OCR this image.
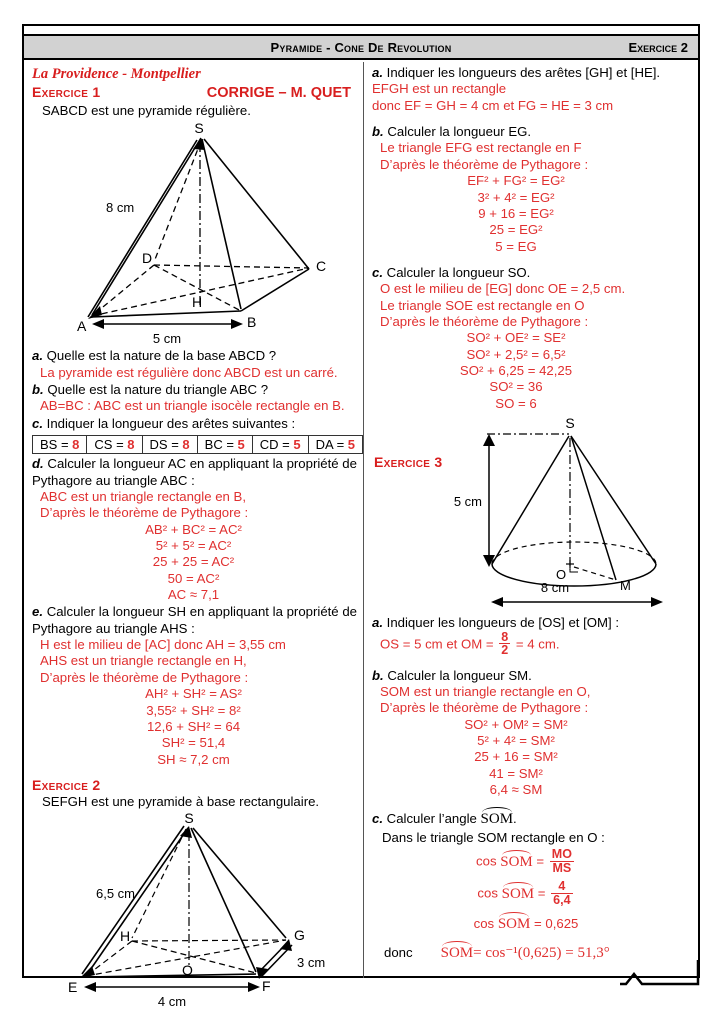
Pyramide - Cone De Revolution	Exercice 2
La Providence - Montpellier
Exercice 1	CORRIGE – M. QUET
SABCD est une pyramide régulière.
S
D	C
A	B
H
8 cm
5 cm
a. Quelle est la nature de la base ABCD ?
La pyramide est régulière donc ABCD est un carré.
b. Quelle est la nature du triangle ABC ?
AB=BC : ABC est un triangle isocèle rectangle en B.
c. Indiquer la longueur des arêtes suivantes :
BS = 8	CS = 8	DS = 8	BC = 5	CD = 5	DA = 5
d. Calculer la longueur AC en appliquant la propriété de Pythagore au triangle ABC :
ABC est un triangle rectangle en B,
D’après le théorème de Pythagore :
AB² + BC² = AC²
5² + 5² = AC²
25 + 25 = AC²
50 = AC²
AC ≈ 7,1
e. Calculer la longueur SH en appliquant la propriété de Pythagore au triangle AHS :
H est le milieu de [AC] donc AH = 3,55 cm
AHS est un triangle rectangle en H,
D’après le théorème de Pythagore :
AH² + SH² = AS²
3,55² + SH² = 8²
12,6 + SH² = 64
SH² = 51,4
SH ≈ 7,2 cm
Exercice 2
SEFGH est une pyramide à base rectangulaire.
S
H	G
E	F
O
6,5 cm
3 cm
4 cm
a. Indiquer les longueurs des arêtes [GH] et [HE].
EFGH est un rectangle
donc EF = GH = 4 cm et FG = HE = 3 cm
b. Calculer la longueur EG.
Le triangle EFG est rectangle en F
D’après le théorème de Pythagore :
EF² + FG² = EG²
3² + 4² = EG²
9 + 16 = EG²
25 = EG²
5 = EG
c. Calculer la longueur SO.
O est le milieu de [EG] donc OE = 2,5 cm.
Le triangle SOE est rectangle en O
D’après le théorème de Pythagore :
SO² + OE² = SE²
SO² + 2,5² = 6,5²
SO² + 6,25 = 42,25
SO² = 36
SO = 6
Exercice 3
S
5 cm
O
M
8 cm
a. Indiquer les longueurs de [OS] et [OM] :
OS = 5 cm et OM = $\frac{8}{2} = 4$ cm.
b. Calculer la longueur SM.
SOM est un triangle rectangle en O,
D’après le théorème de Pythagore :
SO² + OM² = SM²
5² + 4² = SM²
25 + 16 = SM²
41 = SM²
6,4 ≈ SM
c. Calculer l’angle SOM.
Dans le triangle SOM rectangle en O :
cos SOM = $\frac{MO}{MS}$
cos SOM = $\frac{4}{6,4}$
cos SOM = 0,625
donc SOM= cos⁻¹(0,625) = 51,3°
